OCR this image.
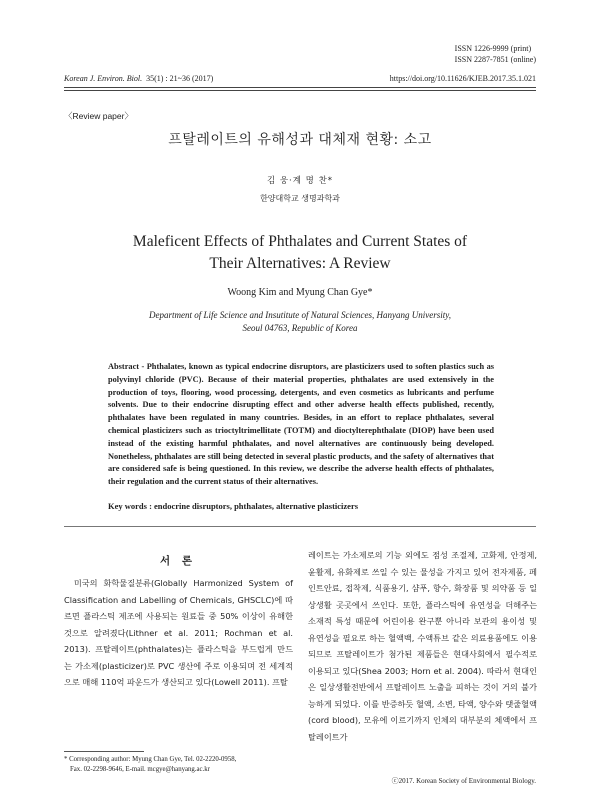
ISSN 1226-9999 (print)
ISSN 2287-7851 (online)
Korean J. Environ. Biol. 35(1) : 21~36 (2017)	https://doi.org/10.11626/KJEB.2017.35.1.021
〈Review paper〉
프탈레이트의 유해성과 대체재 현황: 소고
김 웅·계 명 찬*
한양대학교 생명과학과
Maleficent Effects of Phthalates and Current States of
Their Alternatives: A Review
Woong Kim and Myung Chan Gye*
Department of Life Science and Insutitute of Natural Sciences, Hanyang University,
Seoul 04763, Republic of Korea

Abstract - Phthalates, known as typical endocrine disruptors, are plasticizers used to soften plastics such as polyvinyl chloride (PVC). Because of their material properties, phthalates are used extensively in the production of toys, flooring, wood processing, detergents, and even cosmetics as lubricants and perfume solvents. Due to their endocrine disrupting effect and other adverse health effects published, recently, phthalates have been regulated in many countries. Besides, in an effort to replace phthalates, several chemical plasticizers such as trioctyltrimellitate (TOTM) and dioctylterephthalate (DIOP) have been used instead of the existing harmful phthalates, and novel alternatives are continuously being developed. Nonetheless, phthalates are still being detected in several plastic products, and the safety of alternatives that are considered safe is being questioned. In this review, we describe the adverse health effects of phthalates, their regulation and the current status of their alternatives.

Key words : endocrine disruptors, phthalates, alternative plasticizers
서 론

미국의 화학물질분류(Globally Harmonized System of Classification and Labelling of Chemicals, GHSCLC)에 따르면 플라스틱 제조에 사용되는 원료들 중 50% 이상이 유해한 것으로 알려졌다(Lithner et al. 2011; Rochman et al. 2013). 프탈레이트(phthalates)는 플라스틱을 부드럽게 만드는 가소제(plasticizer)로 PVC 생산에 주로 이용되며 전 세계적으로 매해 110억 파운드가 생산되고 있다(Lowell 2011). 프탈

레이트는 가소제로의 기능 외에도 점성 조절제, 고화제, 안정제, 윤활제, 유화제로 쓰일 수 있는 물성을 가지고 있어 전자제품, 페인트안료, 접착제, 식품용기, 샴푸, 향수, 화장품 및 의약품 등 일상생활 곳곳에서 쓰인다. 또한, 플라스틱에 유연성을 더해주는 소재적 특성 때문에 어린이용 완구뿐 아니라 보관의 용이성 및 유연성을 필요로 하는 혈액백, 수액튜브 같은 의료용품에도 이용되므로 프탈레이트가 첨가된 제품들은 현대사회에서 필수적로 이용되고 있다(Shea 2003; Horn et al. 2004). 따라서 현대인은 일상생활전반에서 프탈레이트 노출을 피하는 것이 거의 불가능하게 되었다. 이를 반증하듯 혈액, 소변, 타액, 양수와 탯줄혈액(cord blood), 모유에 이르기까지 인체의 대부분의 체액에서 프탈레이트가

* Corresponding author: Myung Chan Gye, Tel. 02-2220-0958,
Fax. 02-2298-9646, E-mail. mcgye@hanyang.ac.kr
ⓒ2017. Korean Society of Environmental Biology.
